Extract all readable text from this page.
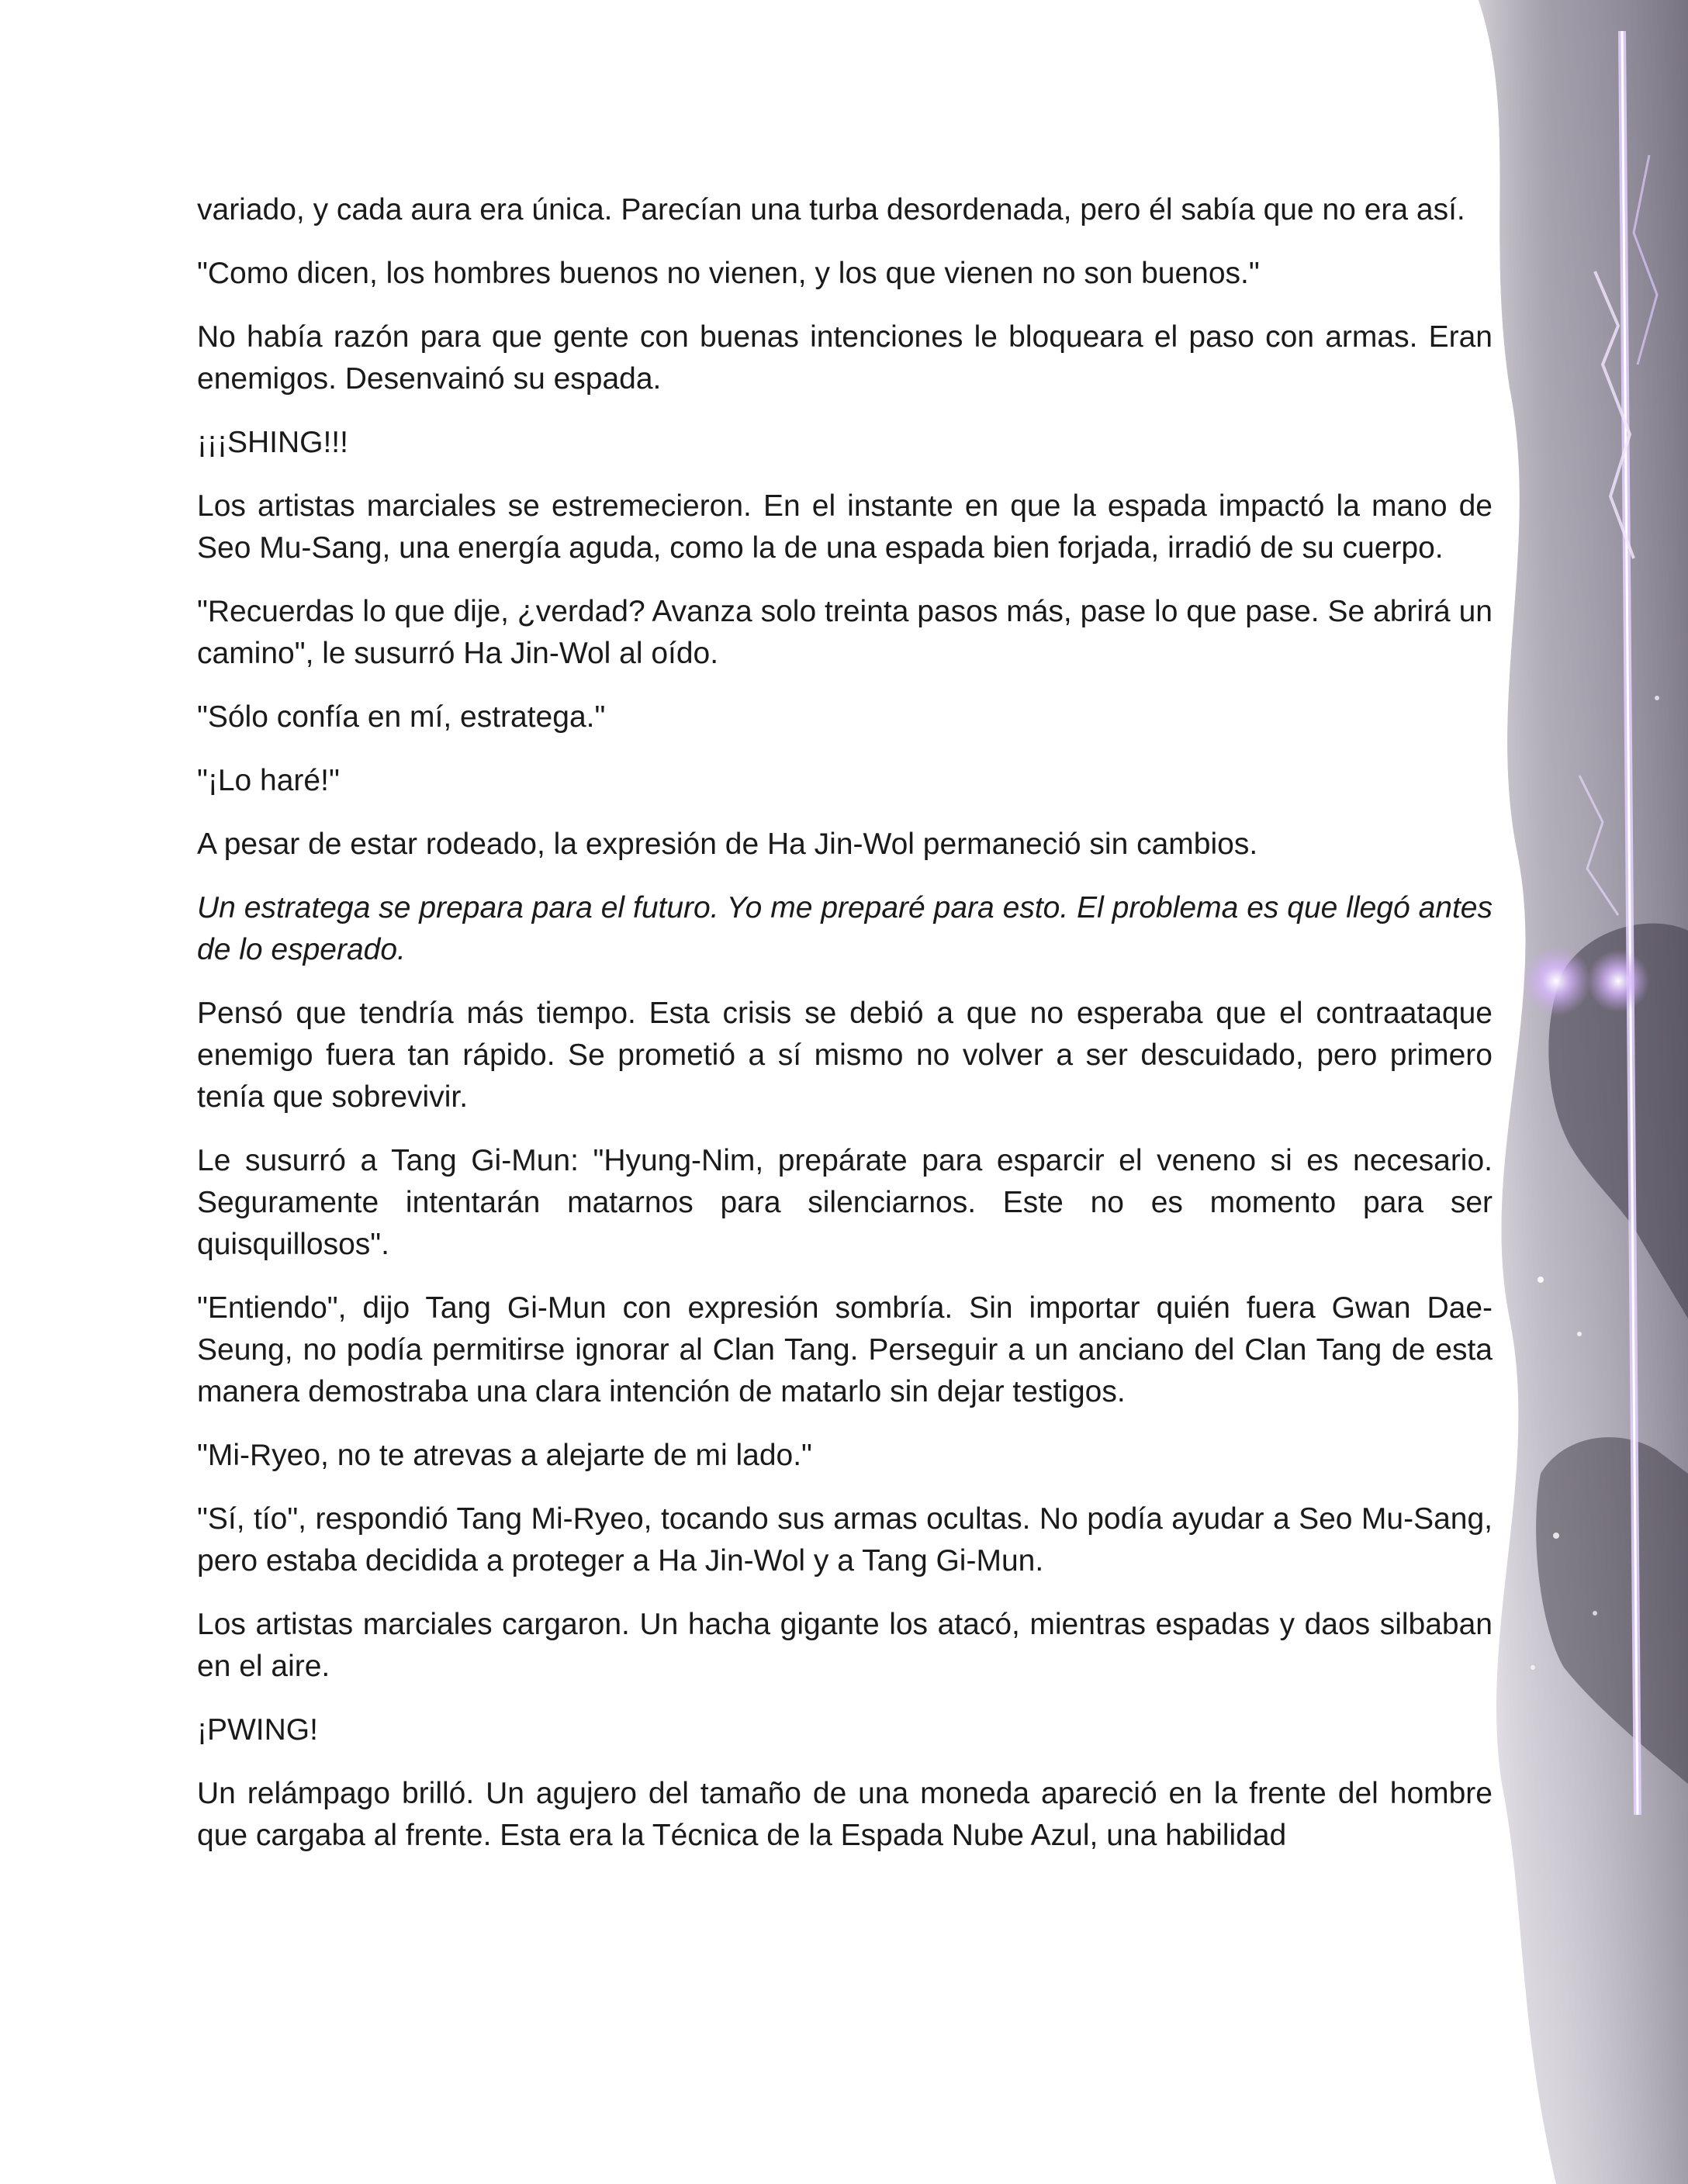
variado, y cada aura era única. Parecían una turba desordenada, pero él sabía que no era así.

"Como dicen, los hombres buenos no vienen, y los que vienen no son buenos."

No había razón para que gente con buenas intenciones le bloqueara el paso con armas. Eran enemigos. Desenvainó su espada.

¡¡¡SHING!!!

Los artistas marciales se estremecieron. En el instante en que la espada impactó la mano de Seo Mu-Sang, una energía aguda, como la de una espada bien forjada, irradió de su cuerpo.

"Recuerdas lo que dije, ¿verdad? Avanza solo treinta pasos más, pase lo que pase. Se abrirá un camino", le susurró Ha Jin-Wol al oído.

"Sólo confía en mí, estratega."

"¡Lo haré!"

A pesar de estar rodeado, la expresión de Ha Jin-Wol permaneció sin cambios.

Un estratega se prepara para el futuro. Yo me preparé para esto. El problema es que llegó antes de lo esperado.

Pensó que tendría más tiempo. Esta crisis se debió a que no esperaba que el contraataque enemigo fuera tan rápido. Se prometió a sí mismo no volver a ser descuidado, pero primero tenía que sobrevivir.

Le susurró a Tang Gi-Mun: "Hyung-Nim, prepárate para esparcir el veneno si es necesario. Seguramente intentarán matarnos para silenciarnos. Este no es momento para ser quisquillosos".

"Entiendo", dijo Tang Gi-Mun con expresión sombría. Sin importar quién fuera Gwan Dae-Seung, no podía permitirse ignorar al Clan Tang. Perseguir a un anciano del Clan Tang de esta manera demostraba una clara intención de matarlo sin dejar testigos.

"Mi-Ryeo, no te atrevas a alejarte de mi lado."

"Sí, tío", respondió Tang Mi-Ryeo, tocando sus armas ocultas. No podía ayudar a Seo Mu-Sang, pero estaba decidida a proteger a Ha Jin-Wol y a Tang Gi-Mun.

Los artistas marciales cargaron. Un hacha gigante los atacó, mientras espadas y daos silbaban en el aire.

¡PWING!

Un relámpago brilló. Un agujero del tamaño de una moneda apareció en la frente del hombre que cargaba al frente. Esta era la Técnica de la Espada Nube Azul, una habilidad
